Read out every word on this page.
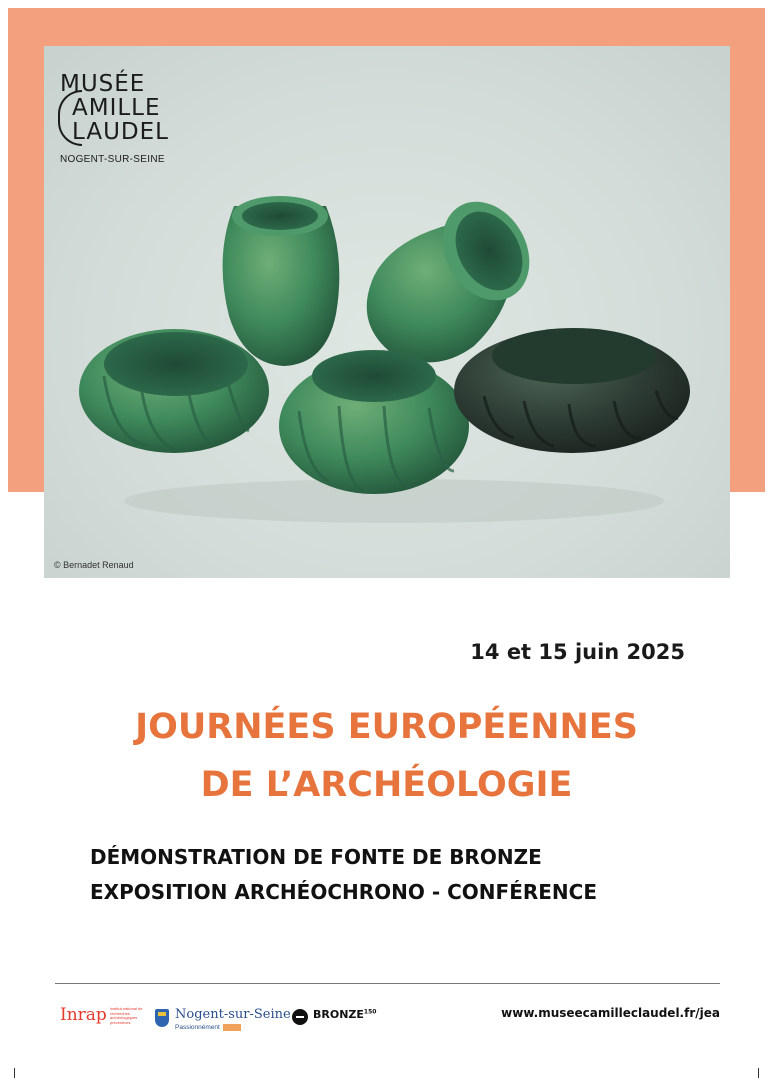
MUSÉE
AMILLE
LAUDEL
NOGENT-SUR-SEINE
© Bernadet Renaud
14 et 15 juin 2025
JOURNÉES EUROPÉENNES
DE L’ARCHÉOLOGIE
DÉMONSTRATION DE FONTE DE BRONZE
EXPOSITION ARCHÉOCHRONO - CONFÉRENCE
Inrap Institut national de recherches archéologiques préventives
Nogent-sur-Seine
Passionnément
BRONZE$^{150}$	www.museecamilleclaudel.fr/jea
